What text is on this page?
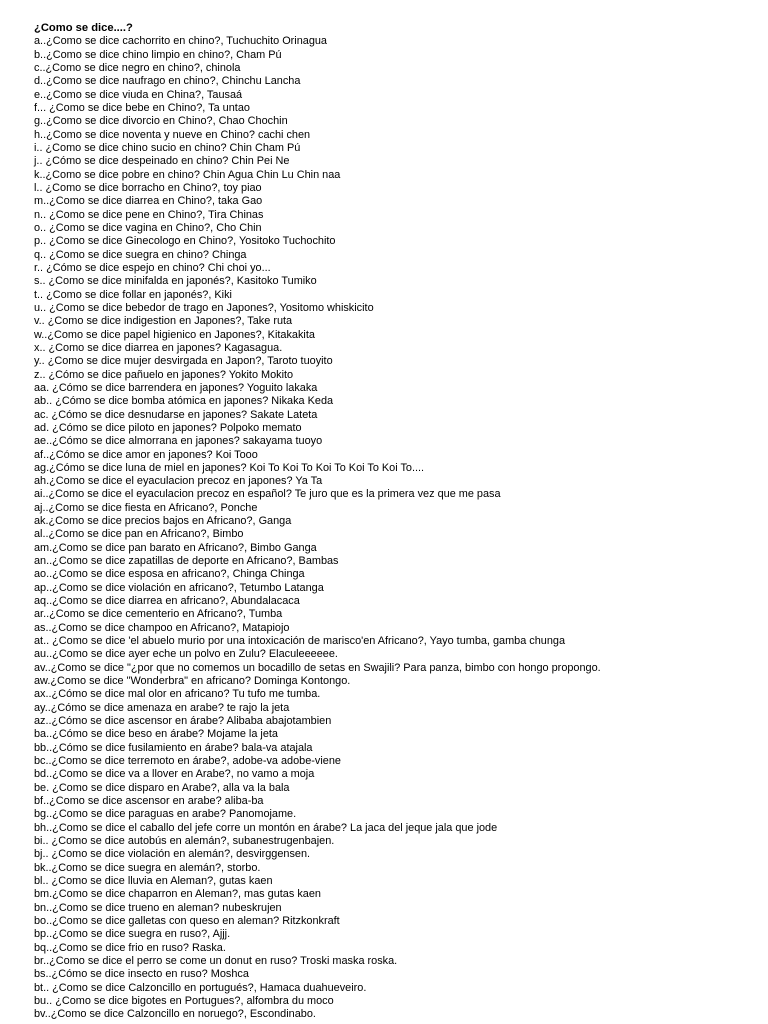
¿Como se dice....?

a..¿Como se dice cachorrito en chino?, Tuchuchito Orinagua
b..¿Como se dice chino limpio en chino?, Cham Pú
c..¿Como se dice negro en chino?, chinola
d..¿Como se dice naufrago en chino?, Chinchu Lancha
e..¿Como se dice viuda en China?, Tausaá
f... ¿Como se dice bebe en Chino?, Ta untao
g..¿Como se dice divorcio en Chino?, Chao Chochin
h..¿Como se dice noventa y nueve en Chino? cachi chen
i.. ¿Como se dice chino sucio en chino? Chin Cham Pú
j.. ¿Cómo se dice despeinado en chino? Chin Pei Ne
k..¿Como se dice pobre en chino? Chin Agua Chin Lu Chin naa
l.. ¿Como se dice borracho en Chino?, toy piao
m..¿Como se dice diarrea en Chino?, taka Gao
n.. ¿Como se dice pene en Chino?, Tira Chinas
o.. ¿Como se dice vagina en Chino?, Cho Chin
p.. ¿Como se dice Ginecologo en Chino?, Yositoko Tuchochito
q.. ¿Como se dice suegra en chino? Chinga
r.. ¿Cómo se dice espejo en chino? Chi choi yo...
s.. ¿Como se dice minifalda en japonés?, Kasitoko Tumiko
t.. ¿Como se dice follar en japonés?, Kiki
u.. ¿Como se dice bebedor de trago en Japones?, Yositomo whiskicito
v.. ¿Como se dice indigestion en Japones?, Take ruta
w..¿Como se dice papel higienico en Japones?, Kitakakita
x.. ¿Como se dice diarrea en japones? Kagasagua.
y.. ¿Como se dice mujer desvirgada en Japon?, Taroto tuoyito
z.. ¿Cómo se dice pañuelo en japones? Yokito Mokito
aa. ¿Cómo se dice barrendera en japones? Yoguito lakaka
ab.. ¿Cómo se dice bomba atómica en japones? Nikaka Keda
ac. ¿Cómo se dice desnudarse en japones? Sakate Lateta
ad. ¿Cómo se dice piloto en japones? Polpoko memato
ae..¿Cómo se dice almorrana en japones? sakayama tuoyo
af..¿Cómo se dice amor en japones? Koi Tooo
ag.¿Cómo se dice luna de miel en japones? Koi To Koi To Koi To Koi To Koi To....
ah.¿Como se dice el eyaculacion precoz en japones? Ya Ta
ai..¿Como se dice el eyaculacion precoz en español? Te juro que es la primera vez que me pasa
aj..¿Como se dice fiesta en Africano?, Ponche
ak.¿Como se dice precios bajos en Africano?, Ganga
al..¿Como se dice pan en Africano?, Bimbo
am.¿Como se dice pan barato en Africano?, Bimbo Ganga
an..¿Como se dice zapatillas de deporte en Africano?, Bambas
ao..¿Como se dice esposa en africano?, Chinga Chinga
ap..¿Como se dice violación en africano?, Tetumbo Latanga
aq..¿Como se dice diarrea en africano?, Abundalacaca
ar..¿Como se dice cementerio en Africano?, Tumba
as..¿Como se dice champoo en Africano?, Matapiojo
at.. ¿Como se dice 'el abuelo murio por una intoxicación de marisco'en Africano?, Yayo tumba, gamba chunga
au..¿Como se dice ayer eche un polvo en Zulu? Elaculeeeeee.
av..¿Como se dice "¿por que no comemos un bocadillo de setas en Swajili? Para panza, bimbo con hongo propongo.
aw.¿Como se dice "Wonderbra" en africano? Dominga Kontongo.
ax..¿Cómo se dice mal olor en africano? Tu tufo me tumba.
ay..¿Cómo se dice amenaza en arabe? te rajo la jeta
az..¿Cómo se dice ascensor en árabe? Alibaba abajotambien
ba..¿Cómo se dice beso en árabe? Mojame la jeta
bb..¿Cómo se dice fusilamiento en árabe? bala-va atajala
bc..¿Como se dice terremoto en árabe?, adobe-va adobe-viene
bd..¿Como se dice va a llover en Arabe?, no vamo a moja
be. ¿Como se dice disparo en Arabe?, alla va la bala
bf..¿Como se dice ascensor en arabe? aliba-ba
bg..¿Como se dice paraguas en arabe? Panomojame.
bh..¿Como se dice el caballo del jefe corre un montón en árabe? La jaca del jeque jala que jode
bi.. ¿Como se dice autobús en alemán?, subanestrugenbajen.
bj.. ¿Como se dice violación en alemán?, desvirggensen.
bk..¿Como se dice suegra en alemán?, storbo.
bl.. ¿Como se dice lluvia en Aleman?, gutas kaen
bm.¿Como se dice chaparron en Aleman?, mas gutas kaen
bn..¿Como se dice trueno en aleman? nubeskrujen
bo..¿Como se dice galletas con queso en aleman? Ritzkonkraft
bp..¿Como se dice suegra en ruso?, Ajjj.
bq..¿Como se dice frio en ruso? Raska.
br..¿Como se dice el perro se come un donut en ruso? Troski maska roska.
bs..¿Cómo se dice insecto en ruso? Moshca
bt.. ¿Como se dice Calzoncillo en portugués?, Hamaca duahueveiro.
bu.. ¿Como se dice bigotes en Portugues?, alfombra du moco
bv..¿Como se dice Calzoncillo en noruego?, Escondinabo.
